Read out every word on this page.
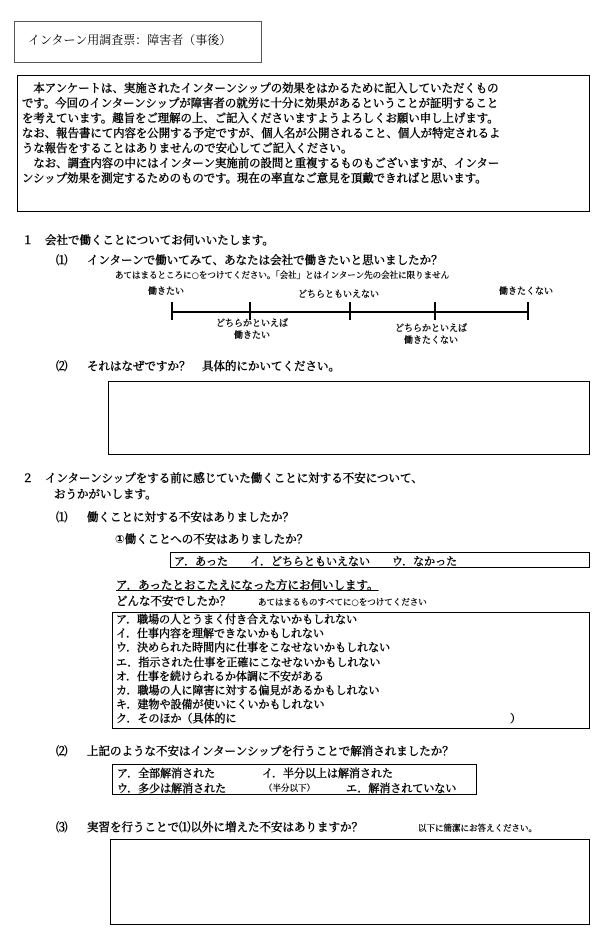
インターン用調査票：障害者（事後）

　本アンケートは、実施されたインターンシップの効果をはかるために記入していただくもの

です。今回のインターンシップが障害者の就労に十分に効果があるということが証明すること

を考えています。趣旨をご理解の上、ご記入くださいますようよろしくお願い申し上げます。

なお、報告書にて内容を公開する予定ですが、個人名が公開されること、個人が特定されるよ

うな報告をすることはありませんので安心してご記入ください。

　なお、調査内容の中にはインターン実施前の設問と重複するものもございますが、インター

ンシップ効果を測定するためのものです。現在の率直なご意見を頂戴できればと思います。

１　会社で働くことについてお伺いいたします。
⑴ インターンで働いてみて、あなたは会社で働きたいと思いましたか？
あてはまるところに○をつけてください。「会社」とはインターン先の会社に限りません
働きたい	どちらともいえない	働きたくない
どちらかといえば
働きたい
どちらかといえば
働きたくない
⑵ それはなぜですか？　具体的にかいてください。
２　インターンシップをする前に感じていた働くことに対する不安について、
おうかがいします。
⑴ 働くことに対する不安はありましたか？
①働くことへの不安はありましたか？
ア．あった　　イ．どちらともいえない　　ウ．なかった
ア．あったとおこたえになった方にお伺いします。
どんな不安でしたか？	あてはまるものすべてに○をつけてください
ア．職場の人とうまく付き合えないかもしれない
イ．仕事内容を理解できないかもしれない
ウ．決められた時間内に仕事をこなせないかもしれない
エ．指示された仕事を正確にこなせないかもしれない
オ．仕事を続けられるか体調に不安がある
カ．職場の人に障害に対する偏見があるかもしれない
キ．建物や設備が使いにくいかもしれない
ク．そのほか（具体的に	）
⑵ 上記のような不安はインターンシップを行うことで解消されましたか？
ア．全部解消された	イ．半分以上は解消された
ウ．多少は解消された	（半分以下）	エ．解消されていない
⑶ 実習を行うことで⑴以外に増えた不安はありますか？	以下に簡潔にお答えください。
